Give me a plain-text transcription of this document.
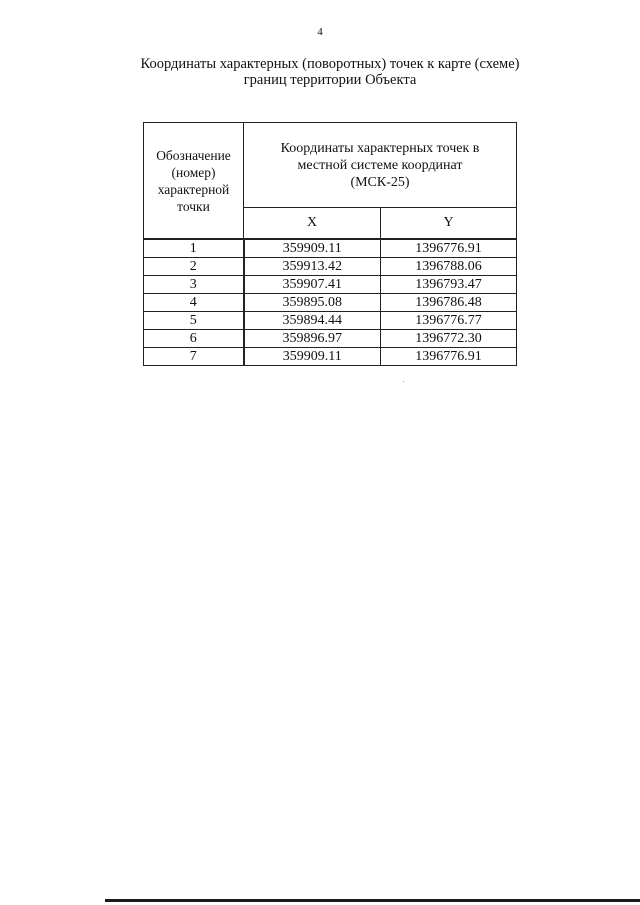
4
Координаты характерных (поворотных) точек к карте (схеме)
границ территории Объекта
Обозначение
(номер)
характерной
точки	Координаты характерных точек в
местной системе координат
(МСК-25)	

	X	Y
1	359909.11	1396776.91
2	359913.42	1396788.06
3	359907.41	1396793.47
4	359895.08	1396786.48
5	359894.44	1396776.77
6	359896.97	1396772.30
7	359909.11	1396776.91
